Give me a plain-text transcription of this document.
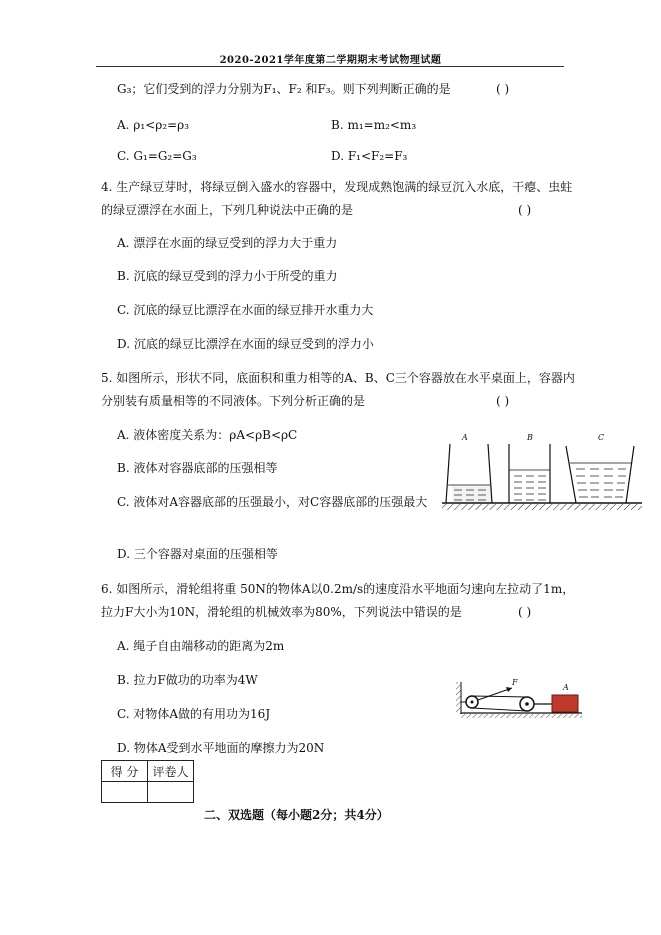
2020-2021学年度第二学期期末考试物理试题
G₃；它们受到的浮力分别为F₁、F₂ 和F₃。则下列判断正确的是	( )
A. ρ₁<ρ₂=ρ₃	B. m₁=m₂<m₃
C. G₁=G₂=G₃	D. F₁<F₂=F₃
4. 生产绿豆芽时，将绿豆倒入盛水的容器中，发现成熟饱满的绿豆沉入水底，干瘪、虫蛀
的绿豆漂浮在水面上，下列几种说法中正确的是	( )
A. 漂浮在水面的绿豆受到的浮力大于重力
B. 沉底的绿豆受到的浮力小于所受的重力
C. 沉底的绿豆比漂浮在水面的绿豆排开水重力大
D. 沉底的绿豆比漂浮在水面的绿豆受到的浮力小
5. 如图所示，形状不同，底面积和重力相等的A、B、C三个容器放在水平桌面上，容器内
分别装有质量相等的不同液体。下列分析正确的是	( )
A. 液体密度关系为：ρA<ρB<ρC
B. 液体对容器底部的压强相等
C. 液体对A容器底部的压强最小，对C容器底部的压强最大
D. 三个容器对桌面的压强相等
A	B	C
6. 如图所示，滑轮组将重 50N的物体A以0.2m/s的速度沿水平地面匀速向左拉动了1m，
拉力F大小为10N，滑轮组的机械效率为80%，下列说法中错误的是	( )
A. 绳子自由端移动的距离为2m
B. 拉力F做功的功率为4W
C. 对物体A做的有用功为16J
D. 物体A受到水平地面的摩擦力为20N
F
A
得 分	评卷人

二、双选题（每小题2分；共4分）
